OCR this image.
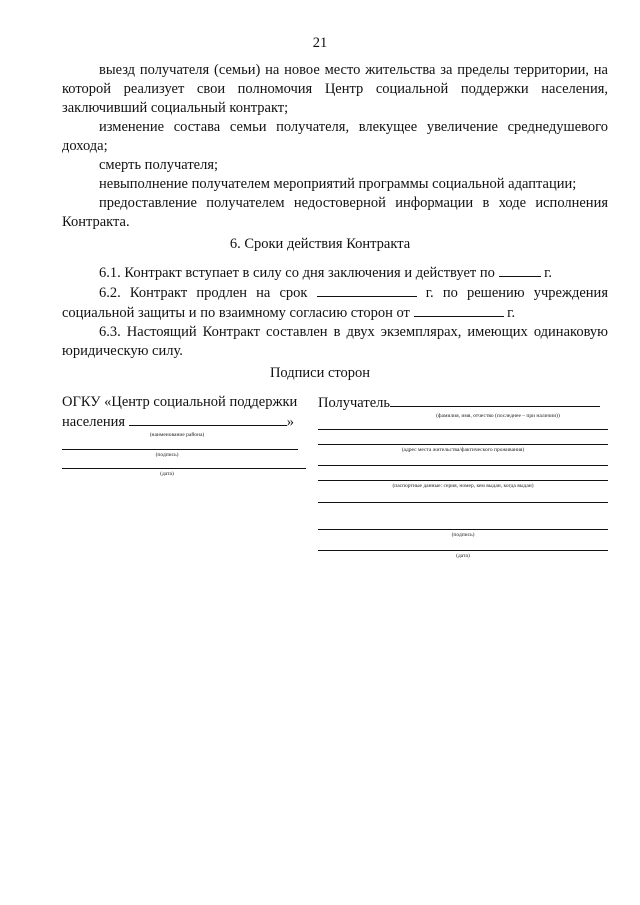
21

выезд получателя (семьи) на новое место жительства за пределы территории, на которой реализует свои полномочия Центр социальной поддержки населения, заключивший социальный контракт;

изменение состава семьи получателя, влекущее увеличение среднедушевого дохода;

смерть получателя;

невыполнение получателем мероприятий программы социальной адаптации;

предоставление получателем недостоверной информации в ходе исполнения Контракта.

6. Сроки действия Контракта

6.1. Контракт вступает в силу со дня заключения и действует по	г.

6.2. Контракт продлен на срок	г. по решению учреждения социальной защиты и по взаимному согласию сторон от	г.

6.3. Настоящий Контракт составлен в двух экземплярах, имеющих одинаковую юридическую силу.

Подписи сторон
ОГКУ «Центр социальной поддержки населения	»
(наименование района)
(подпись)
(дата)
Получатель
(фамилия, имя, отчество (последнее – при наличии))
(адрес места жительства/фактического проживания)
(паспортные данные: серия, номер, кем выдан, когда выдан)
(подпись)
(дата)
